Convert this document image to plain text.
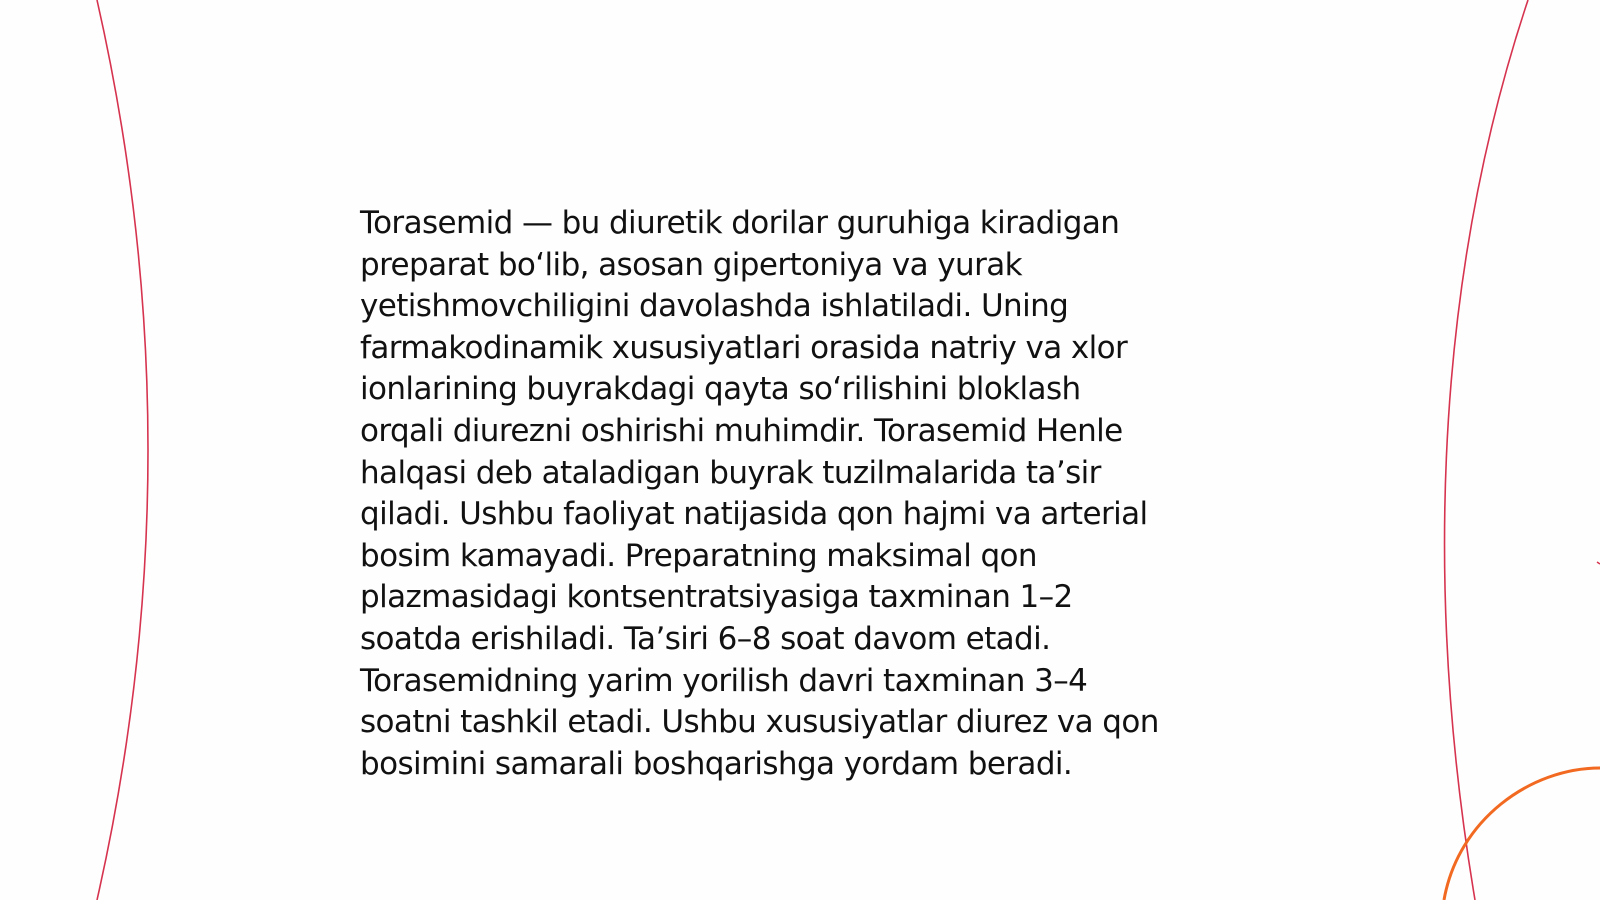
Torasemid — bu diuretik dorilar guruhiga kiradigan
preparat bo‘lib, asosan gipertoniya va yurak
yetishmovchiligini davolashda ishlatiladi. Uning
farmakodinamik xususiyatlari orasida natriy va xlor
ionlarining buyrakdagi qayta so‘rilishini bloklash
orqali diurezni oshirishi muhimdir. Torasemid Henle
halqasi deb ataladigan buyrak tuzilmalarida ta’sir
qiladi. Ushbu faoliyat natijasida qon hajmi va arterial
bosim kamayadi. Preparatning maksimal qon
plazmasidagi kontsentratsiyasiga taxminan 1–2
soatda erishiladi. Ta’siri 6–8 soat davom etadi.
Torasemidning yarim yorilish davri taxminan 3–4
soatni tashkil etadi. Ushbu xususiyatlar diurez va qon
bosimini samarali boshqarishga yordam beradi.
